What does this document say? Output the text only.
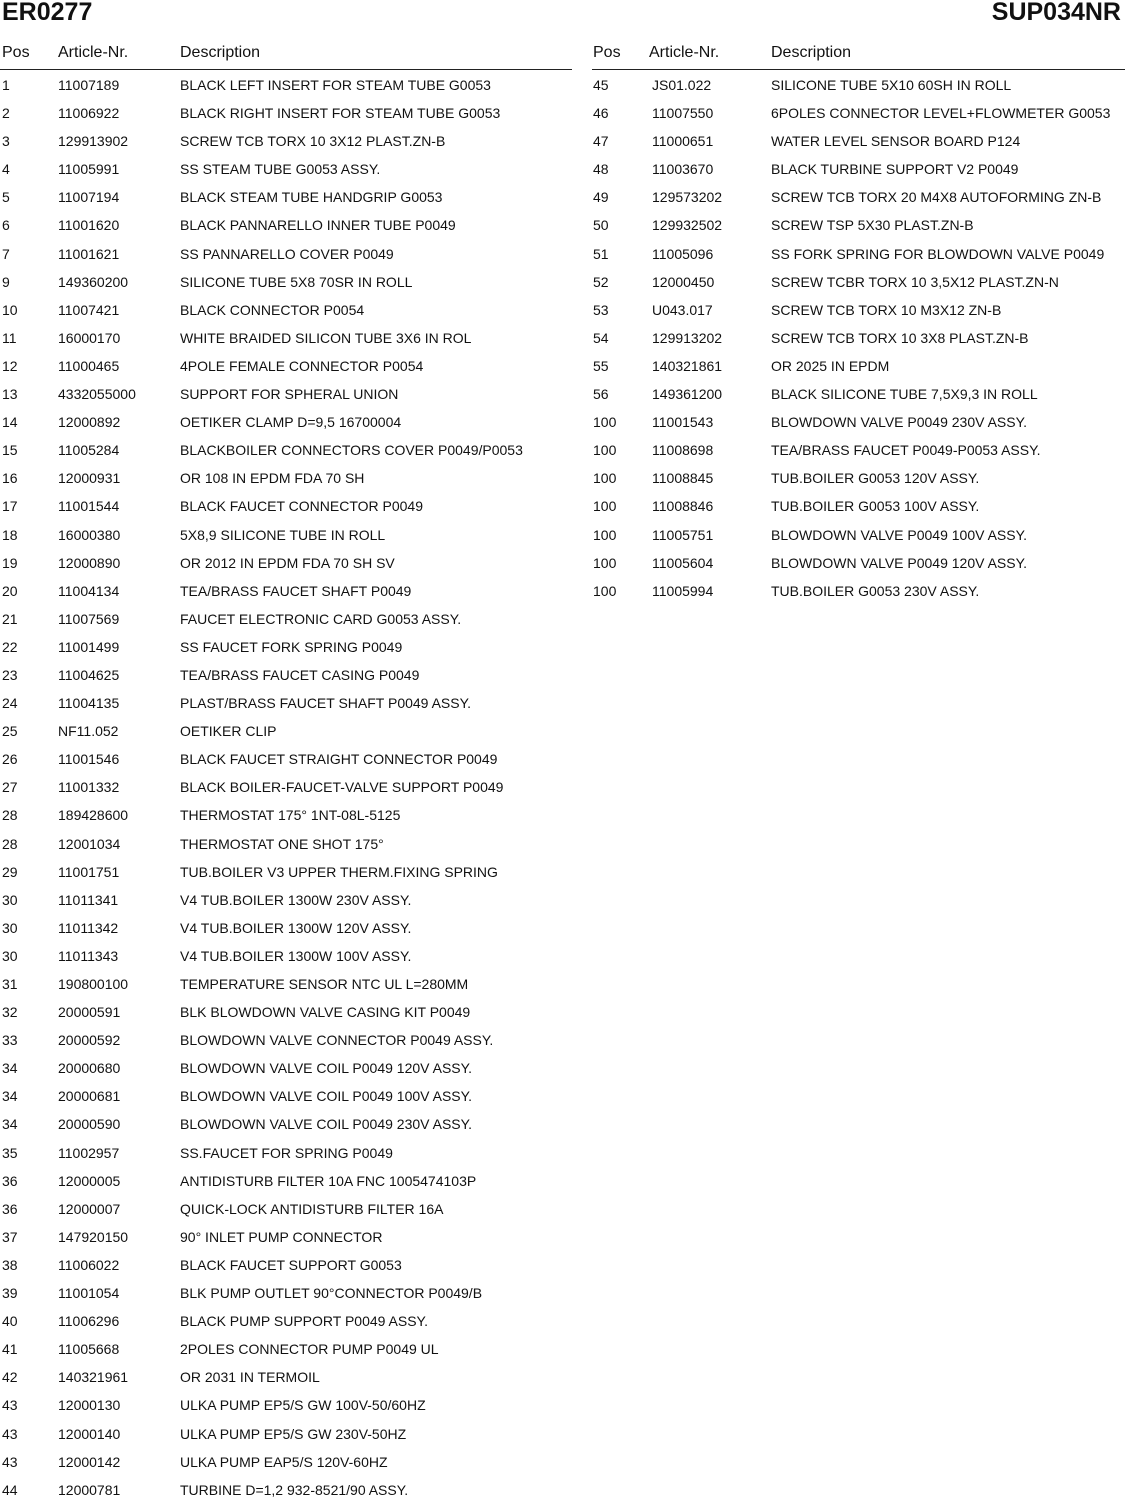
ER0277	SUP034NR
Pos Article-Nr.	Description
1	11007189	BLACK LEFT INSERT FOR STEAM TUBE G0053
2	11006922	BLACK RIGHT INSERT FOR STEAM TUBE G0053
3	129913902	SCREW TCB TORX 10 3X12 PLAST.ZN-B
4	11005991	SS STEAM TUBE G0053 ASSY.
5	11007194	BLACK STEAM TUBE HANDGRIP G0053
6	11001620	BLACK PANNARELLO INNER TUBE P0049
7	11001621	SS PANNARELLO COVER P0049
9	149360200	SILICONE TUBE 5X8 70SR IN ROLL
10	11007421	BLACK CONNECTOR P0054
11	16000170	WHITE BRAIDED SILICON TUBE 3X6 IN ROL
12	11000465	4POLE FEMALE CONNECTOR P0054
13	4332055000	SUPPORT FOR SPHERAL UNION
14	12000892	OETIKER CLAMP D=9,5 16700004
15	11005284	BLACKBOILER CONNECTORS COVER P0049/P0053
16	12000931	OR 108 IN EPDM FDA 70 SH
17	11001544	BLACK FAUCET CONNECTOR P0049
18	16000380	5X8,9 SILICONE TUBE IN ROLL
19	12000890	OR 2012 IN EPDM FDA 70 SH SV
20	11004134	TEA/BRASS FAUCET SHAFT P0049
21	11007569	FAUCET ELECTRONIC CARD G0053 ASSY.
22	11001499	SS FAUCET FORK SPRING P0049
23	11004625	TEA/BRASS FAUCET CASING P0049
24	11004135	PLAST/BRASS FAUCET SHAFT P0049 ASSY.
25	NF11.052	OETIKER CLIP
26	11001546	BLACK FAUCET STRAIGHT CONNECTOR P0049
27	11001332	BLACK BOILER-FAUCET-VALVE SUPPORT P0049
28	189428600	THERMOSTAT 175° 1NT-08L-5125
28	12001034	THERMOSTAT ONE SHOT 175°
29	11001751	TUB.BOILER V3 UPPER THERM.FIXING SPRING
30	11011341	V4 TUB.BOILER 1300W 230V ASSY.
30	11011342	V4 TUB.BOILER 1300W 120V ASSY.
30	11011343	V4 TUB.BOILER 1300W 100V ASSY.
31	190800100	TEMPERATURE SENSOR NTC UL L=280MM
32	20000591	BLK BLOWDOWN VALVE CASING KIT P0049
33	20000592	BLOWDOWN VALVE CONNECTOR P0049 ASSY.
34	20000680	BLOWDOWN VALVE COIL P0049 120V ASSY.
34	20000681	BLOWDOWN VALVE COIL P0049 100V ASSY.
34	20000590	BLOWDOWN VALVE COIL P0049 230V ASSY.
35	11002957	SS.FAUCET FOR SPRING P0049
36	12000005	ANTIDISTURB FILTER 10A FNC 1005474103P
36	12000007	QUICK-LOCK ANTIDISTURB FILTER 16A
37	147920150	90° INLET PUMP CONNECTOR
38	11006022	BLACK FAUCET SUPPORT G0053
39	11001054	BLK PUMP OUTLET 90°CONNECTOR P0049/B
40	11006296	BLACK PUMP SUPPORT P0049 ASSY.
41	11005668	2POLES CONNECTOR PUMP P0049 UL
42	140321961	OR 2031 IN TERMOIL
43	12000130	ULKA PUMP EP5/S GW 100V-50/60HZ
43	12000140	ULKA PUMP EP5/S GW 230V-50HZ
43	12000142	ULKA PUMP EAP5/S 120V-60HZ
44	12000781	TURBINE D=1,2 932-8521/90 ASSY.
Pos Article-Nr.	Description
45	JS01.022	SILICONE TUBE 5X10 60SH IN ROLL
46	11007550	6POLES CONNECTOR LEVEL+FLOWMETER G0053
47	11000651	WATER LEVEL SENSOR BOARD P124
48	11003670	BLACK TURBINE SUPPORT V2 P0049
49	129573202	SCREW TCB TORX 20 M4X8 AUTOFORMING ZN-B
50	129932502	SCREW TSP 5X30 PLAST.ZN-B
51	11005096	SS FORK SPRING FOR BLOWDOWN VALVE P0049
52	12000450	SCREW TCBR TORX 10 3,5X12 PLAST.ZN-N
53	U043.017	SCREW TCB TORX 10 M3X12 ZN-B
54	129913202	SCREW TCB TORX 10 3X8 PLAST.ZN-B
55	140321861	OR 2025 IN EPDM
56	149361200	BLACK SILICONE TUBE 7,5X9,3 IN ROLL
100	11001543	BLOWDOWN VALVE P0049 230V ASSY.
100	11008698	TEA/BRASS FAUCET P0049-P0053 ASSY.
100	11008845	TUB.BOILER G0053 120V ASSY.
100	11008846	TUB.BOILER G0053 100V ASSY.
100	11005751	BLOWDOWN VALVE P0049 100V ASSY.
100	11005604	BLOWDOWN VALVE P0049 120V ASSY.
100	11005994	TUB.BOILER G0053 230V ASSY.
